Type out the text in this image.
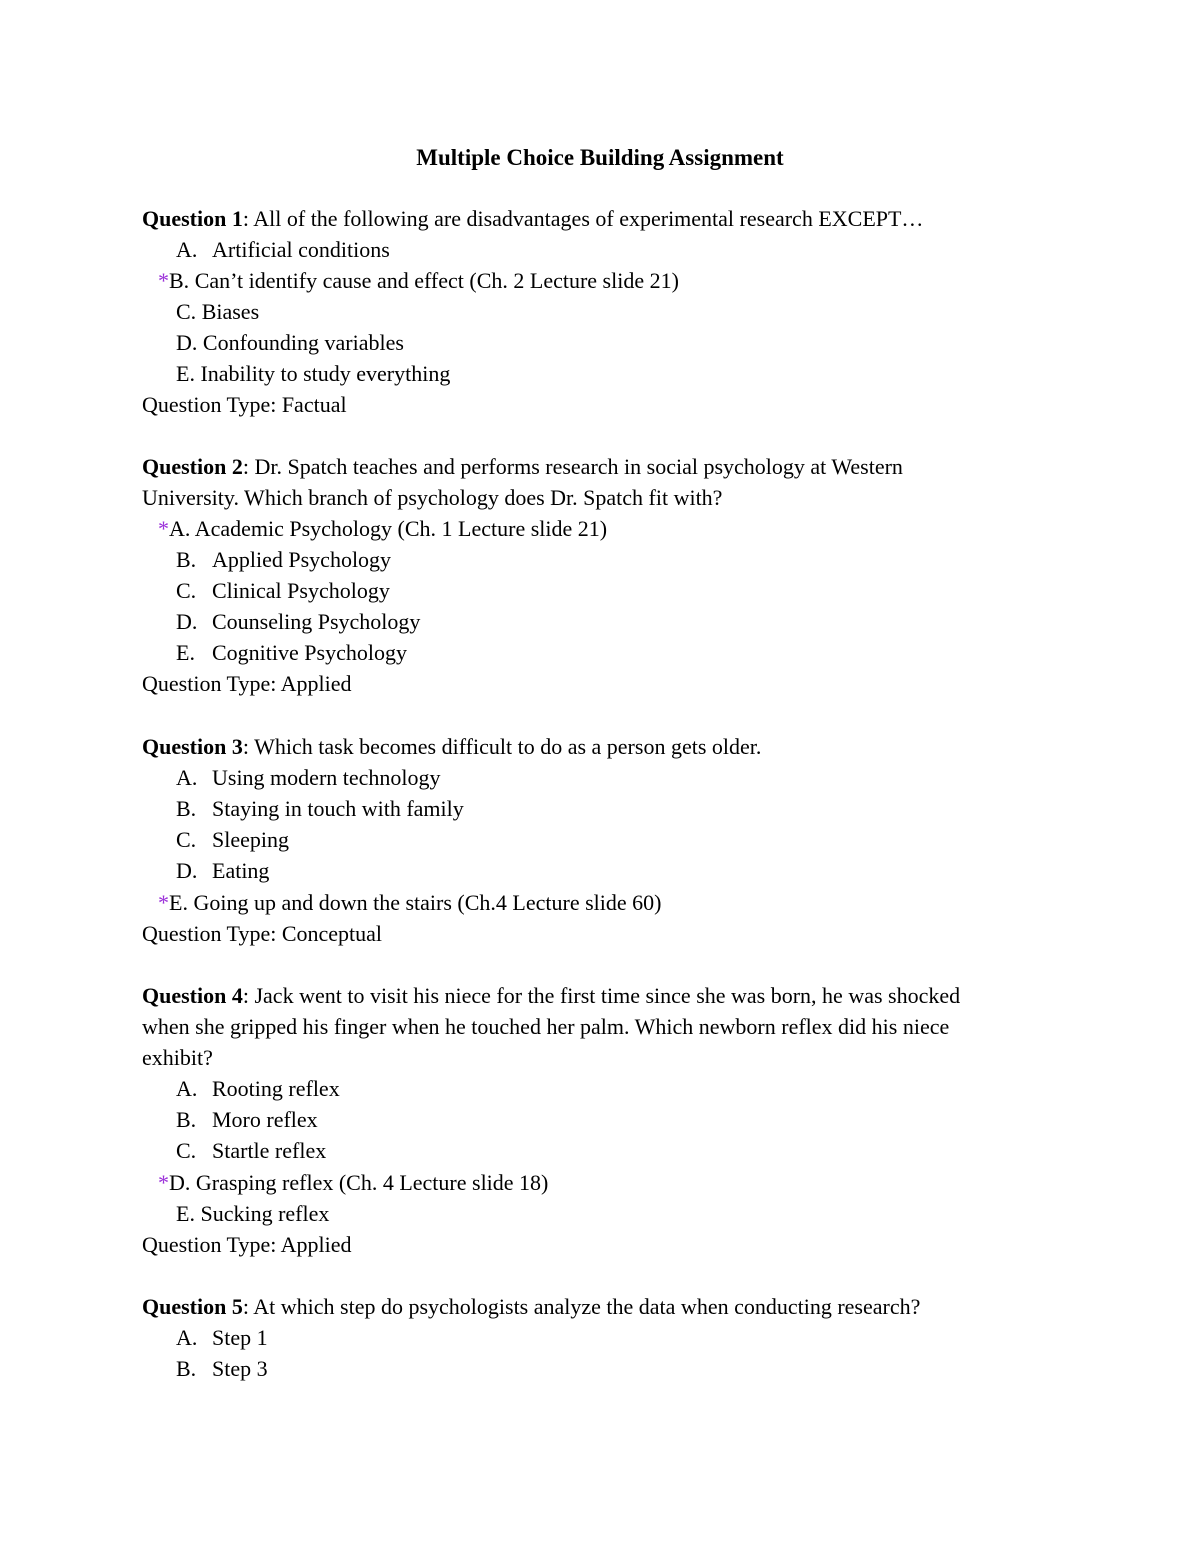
Multiple Choice Building Assignment
Question 1: All of the following are disadvantages of experimental research EXCEPT…
A. Artificial conditions
*B. Can’t identify cause and effect (Ch. 2 Lecture slide 21)
C. Biases
D. Confounding variables
E. Inability to study everything
Question Type: Factual
Question 2: Dr. Spatch teaches and performs research in social psychology at Western
University. Which branch of psychology does Dr. Spatch fit with?
*A. Academic Psychology (Ch. 1 Lecture slide 21)
B. Applied Psychology
C. Clinical Psychology
D. Counseling Psychology
E. Cognitive Psychology
Question Type: Applied
Question 3: Which task becomes difficult to do as a person gets older.
A. Using modern technology
B. Staying in touch with family
C. Sleeping
D. Eating
*E. Going up and down the stairs (Ch.4 Lecture slide 60)
Question Type: Conceptual
Question 4: Jack went to visit his niece for the first time since she was born, he was shocked
when she gripped his finger when he touched her palm. Which newborn reflex did his niece
exhibit?
A. Rooting reflex
B. Moro reflex
C. Startle reflex
*D. Grasping reflex (Ch. 4 Lecture slide 18)
E. Sucking reflex
Question Type: Applied
Question 5: At which step do psychologists analyze the data when conducting research?
A. Step 1
B. Step 3
